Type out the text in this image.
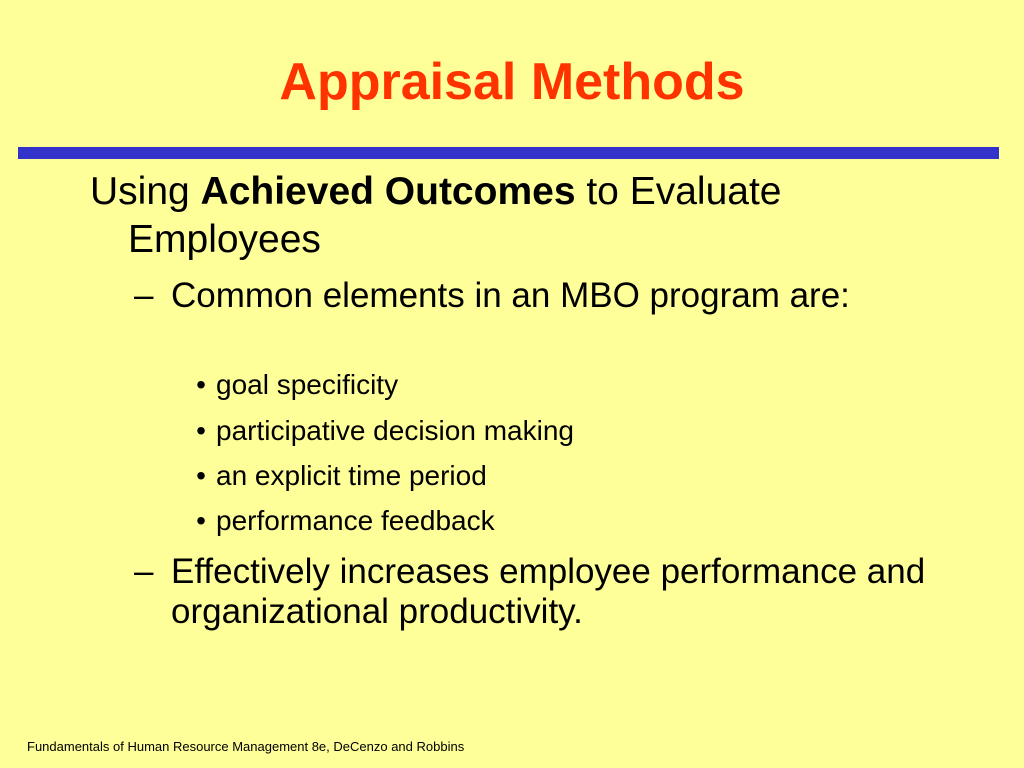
Appraisal Methods
Using Achieved Outcomes to Evaluate Employees
– Common elements in an MBO program are:
• goal specificity
• participative decision making
• an explicit time period
• performance feedback
– Effectively increases employee performance and organizational productivity.
Fundamentals of Human Resource Management 8e, DeCenzo and Robbins
